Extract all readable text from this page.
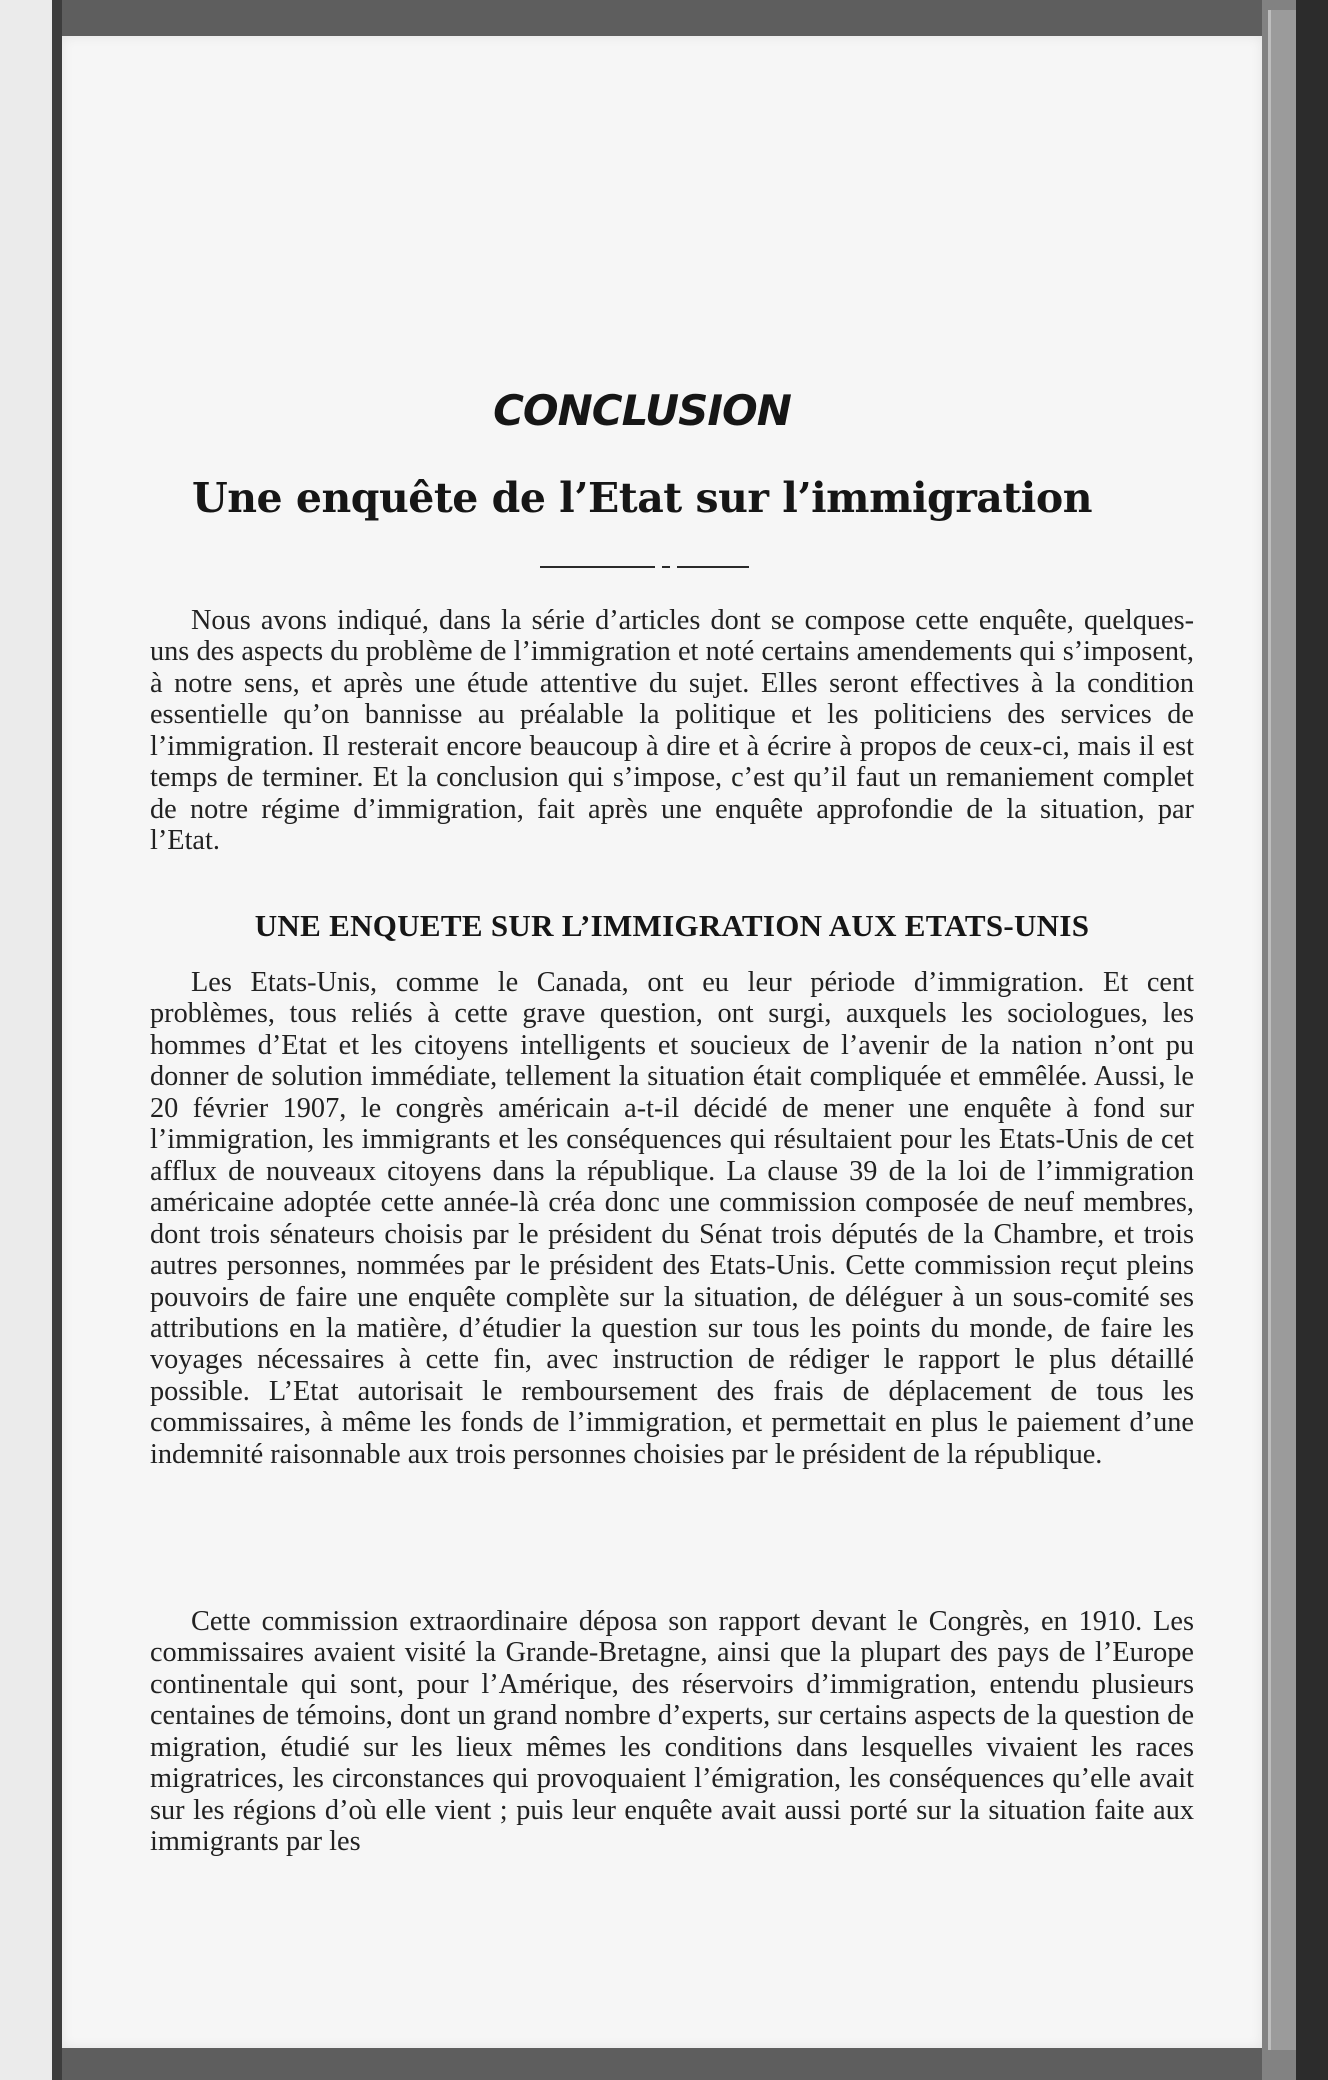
CONCLUSION
Une enquête de l’Etat sur l’immigration

Nous avons indiqué, dans la série d’articles dont se compose cette enquête, quelques-uns des aspects du problème de l’immigration et noté certains amendements qui s’imposent, à notre sens, et après une étude attentive du sujet. Elles seront effectives à la condition essentielle qu’on bannisse au préalable la politique et les politiciens des services de l’immigration. Il resterait encore beaucoup à dire et à écrire à propos de ceux-ci, mais il est temps de terminer. Et la conclusion qui s’impose, c’est qu’il faut un remaniement complet de notre régime d’immigration, fait après une enquête approfondie de la situation, par l’Etat.

UNE ENQUETE SUR L’IMMIGRATION AUX ETATS-UNIS

Les Etats-Unis, comme le Canada, ont eu leur période d’immigration. Et cent problèmes, tous reliés à cette grave question, ont surgi, auxquels les sociologues, les hommes d’Etat et les citoyens intelligents et soucieux de l’avenir de la nation n’ont pu donner de solution immédiate, tellement la situation était compliquée et emmêlée. Aussi, le 20 février 1907, le congrès américain a-t-il décidé de mener une enquête à fond sur l’immigration, les immigrants et les conséquences qui résultaient pour les Etats-Unis de cet afflux de nouveaux citoyens dans la république. La clause 39 de la loi de l’immigration américaine adoptée cette année-là créa donc une commission composée de neuf membres, dont trois sénateurs choisis par le président du Sénat trois députés de la Chambre, et trois autres personnes, nommées par le président des Etats-Unis. Cette commission reçut pleins pouvoirs de faire une enquête complète sur la situation, de déléguer à un sous-comité ses attributions en la matière, d’étudier la question sur tous les points du monde, de faire les voyages nécessaires à cette fin, avec instruction de rédiger le rapport le plus détaillé possible. L’Etat autorisait le remboursement des frais de déplacement de tous les commissaires, à même les fonds de l’immigration, et permettait en plus le paiement d’une indemnité raisonnable aux trois personnes choisies par le président de la république.

Cette commission extraordinaire déposa son rapport devant le Congrès, en 1910. Les commissaires avaient visité la Grande-Bretagne, ainsi que la plupart des pays de l’Europe continentale qui sont, pour l’Amérique, des réservoirs d’immigration, entendu plusieurs centaines de témoins, dont un grand nombre d’experts, sur certains aspects de la question de migration, étudié sur les lieux mêmes les conditions dans lesquelles vivaient les races migratrices, les circonstances qui provoquaient l’émigration, les conséquences qu’elle avait sur les régions d’où elle vient ; puis leur enquête avait aussi porté sur la situation faite aux immigrants par les
